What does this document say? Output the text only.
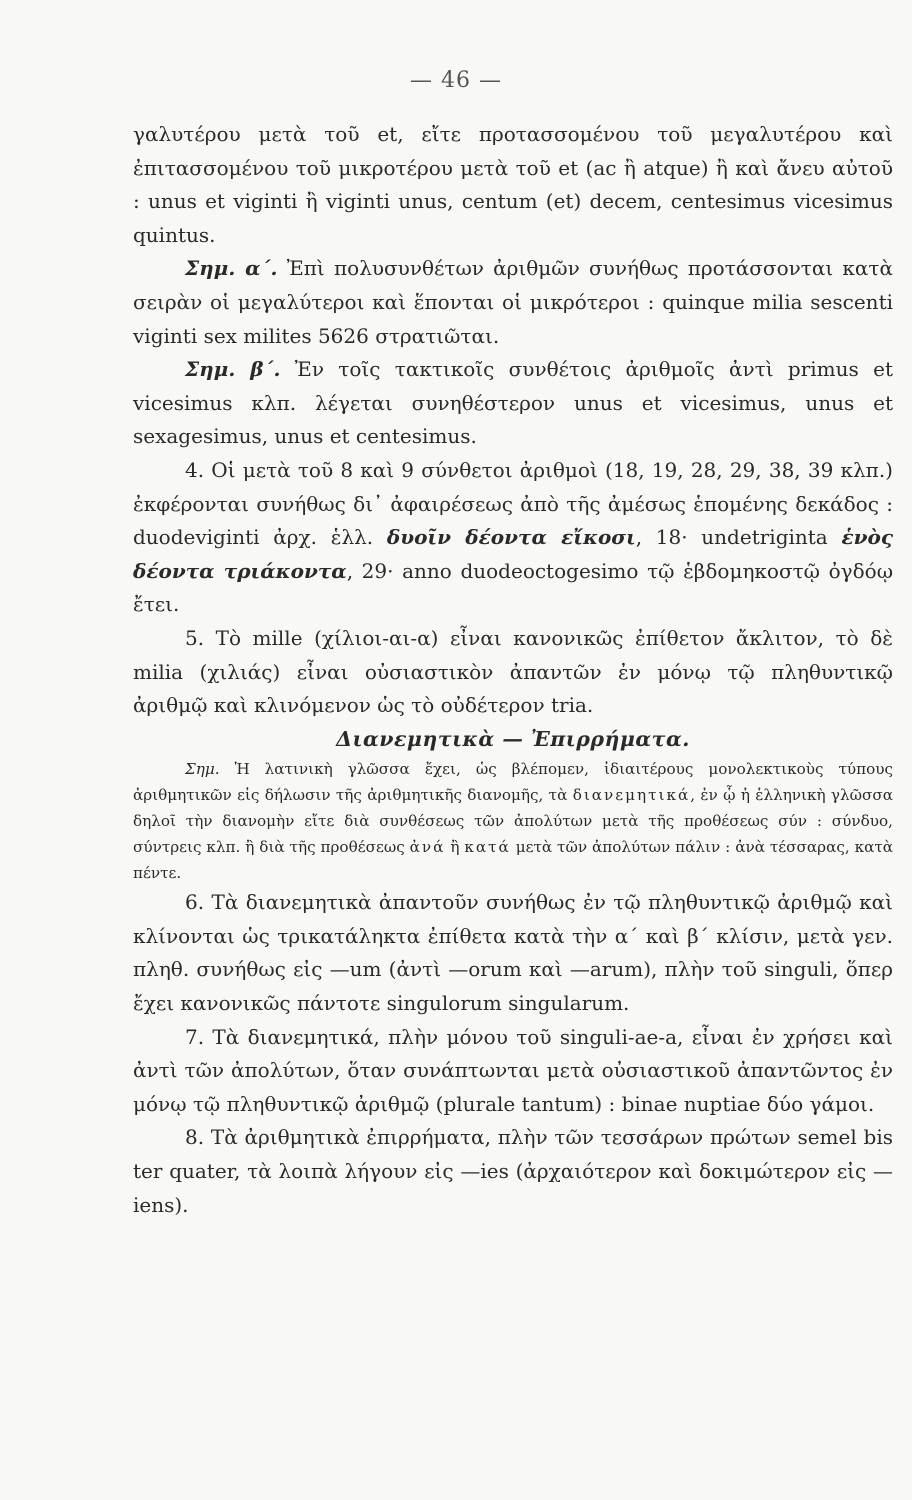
— 46 —

γαλυτέρου μετὰ τοῦ et, εἴτε προτασσομένου τοῦ μεγαλυτέρου καὶ ἐπιτασσομένου τοῦ μικροτέρου μετὰ τοῦ et (ac ἢ atque) ἢ καὶ ἄνευ αὐτοῦ : unus et viginti ἢ viginti unus, centum (et) decem, centesimus vicesimus quintus.

Σημ. α΄. Ἐπὶ πολυσυνθέτων ἀριθμῶν συνήθως προτάσσονται κατὰ σειρὰν οἱ μεγαλύτεροι καὶ ἕπονται οἱ μικρότεροι : quinque milia sescenti viginti sex milites 5626 στρατιῶται.

Σημ. β΄. Ἐν τοῖς τακτικοῖς συνθέτοις ἀριθμοῖς ἀντὶ primus et vicesimus κλπ. λέγεται συνηθέστερον unus et vicesimus, unus et sexagesimus, unus et centesimus.

4. Οἱ μετὰ τοῦ 8 καὶ 9 σύνθετοι ἀριθμοὶ (18, 19, 28, 29, 38, 39 κλπ.) ἐκφέρονται συνήθως δι᾽ ἀφαιρέσεως ἀπὸ τῆς ἀμέσως ἑπομένης δεκάδος : duodeviginti ἀρχ. ἑλλ. δυοῖν δέοντα εἴκοσι, 18· undetriginta ἑνὸς δέοντα τριάκοντα, 29· anno duodeoctogesimo τῷ ἑβδομηκοστῷ ὀγδόῳ ἔτει.

5. Τὸ mille (χίλιοι-αι-α) εἶναι κανονικῶς ἐπίθετον ἄκλιτον, τὸ δὲ milia (χιλιάς) εἶναι οὐσιαστικὸν ἀπαντῶν ἐν μόνῳ τῷ πληθυντικῷ ἀριθμῷ καὶ κλινόμενον ὡς τὸ οὐδέτερον tria.

Διανεμητικὰ — Ἐπιρρήματα.

Σημ. Ἡ λατινικὴ γλῶσσα ἔχει, ὡς βλέπομεν, ἰδιαιτέρους μονολεκτικοὺς τύπους ἀριθμητικῶν εἰς δήλωσιν τῆς ἀριθμητικῆς διανομῆς, τὰ διανεμητικά, ἐν ᾧ ἡ ἑλληνικὴ γλῶσσα δηλοῖ τὴν διανομὴν εἴτε διὰ συνθέσεως τῶν ἀπολύτων μετὰ τῆς προθέσεως σύν : σύνδυο, σύντρεις κλπ. ἢ διὰ τῆς προθέσεως ἀνά ἢ κατά μετὰ τῶν ἀπολύτων πάλιν : ἀνὰ τέσσαρας, κατὰ πέντε.

6. Τὰ διανεμητικὰ ἀπαντοῦν συνήθως ἐν τῷ πληθυντικῷ ἀριθμῷ καὶ κλίνονται ὡς τρικατάληκτα ἐπίθετα κατὰ τὴν α΄ καὶ β΄ κλίσιν, μετὰ γεν. πληθ. συνήθως εἰς —um (ἀντὶ —orum καὶ —arum), πλὴν τοῦ singuli, ὅπερ ἔχει κανονικῶς πάντοτε singulorum singularum.

7. Τὰ διανεμητικά, πλὴν μόνου τοῦ singuli-ae-a, εἶναι ἐν χρήσει καὶ ἀντὶ τῶν ἀπολύτων, ὅταν συνάπτωνται μετὰ οὐσιαστικοῦ ἀπαντῶντος ἐν μόνῳ τῷ πληθυντικῷ ἀριθμῷ (plurale tantum) : binae nuptiae δύο γάμοι.

8. Τὰ ἀριθμητικὰ ἐπιρρήματα, πλὴν τῶν τεσσάρων πρώτων semel bis ter quater, τὰ λοιπὰ λήγουν εἰς —ies (ἀρχαιότερον καὶ δοκιμώτερον εἰς —iens).
